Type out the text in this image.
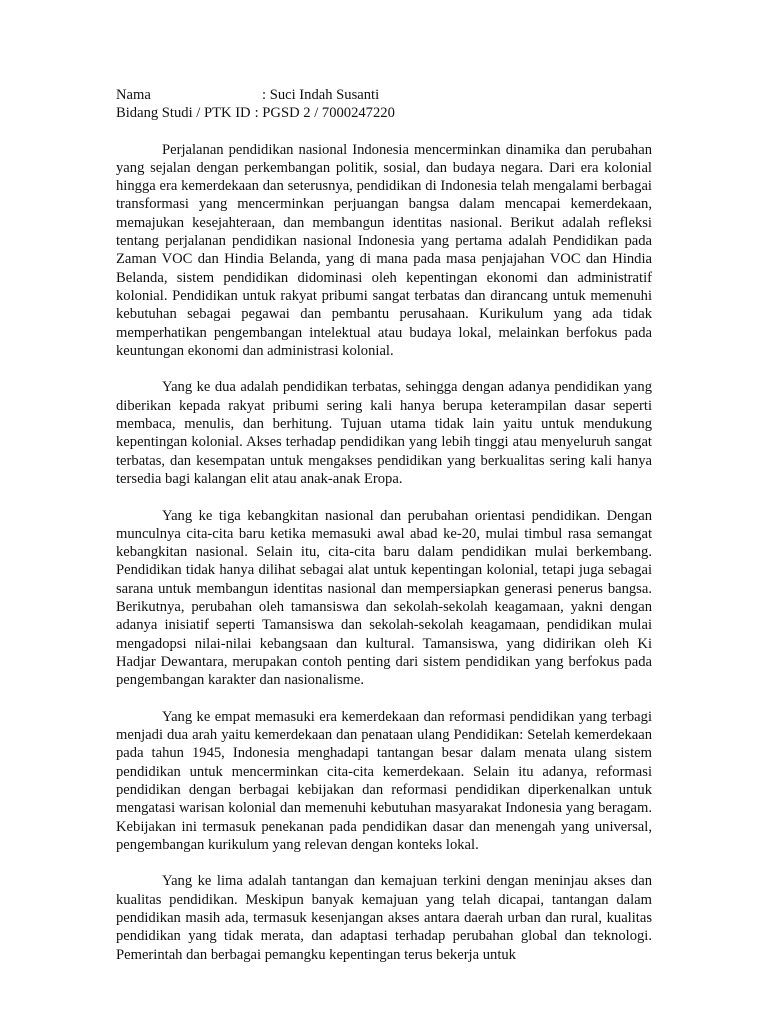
Nama	: Suci Indah Susanti
Bidang Studi / PTK ID : PGSD 2 / 7000247220

Perjalanan pendidikan nasional Indonesia mencerminkan dinamika dan perubahan yang sejalan dengan perkembangan politik, sosial, dan budaya negara. Dari era kolonial hingga era kemerdekaan dan seterusnya, pendidikan di Indonesia telah mengalami berbagai transformasi yang mencerminkan perjuangan bangsa dalam mencapai kemerdekaan, memajukan kesejahteraan, dan membangun identitas nasional. Berikut adalah refleksi tentang perjalanan pendidikan nasional Indonesia yang pertama adalah Pendidikan pada Zaman VOC dan Hindia Belanda, yang di mana pada masa penjajahan VOC dan Hindia Belanda, sistem pendidikan didominasi oleh kepentingan ekonomi dan administratif kolonial. Pendidikan untuk rakyat pribumi sangat terbatas dan dirancang untuk memenuhi kebutuhan sebagai pegawai dan pembantu perusahaan. Kurikulum yang ada tidak memperhatikan pengembangan intelektual atau budaya lokal, melainkan berfokus pada keuntungan ekonomi dan administrasi kolonial.

Yang ke dua adalah pendidikan terbatas, sehingga dengan adanya pendidikan yang diberikan kepada rakyat pribumi sering kali hanya berupa keterampilan dasar seperti membaca, menulis, dan berhitung. Tujuan utama tidak lain yaitu untuk mendukung kepentingan kolonial. Akses terhadap pendidikan yang lebih tinggi atau menyeluruh sangat terbatas, dan kesempatan untuk mengakses pendidikan yang berkualitas sering kali hanya tersedia bagi kalangan elit atau anak-anak Eropa.

Yang ke tiga kebangkitan nasional dan perubahan orientasi pendidikan. Dengan munculnya cita-cita baru ketika memasuki awal abad ke-20, mulai timbul rasa semangat kebangkitan nasional. Selain itu, cita-cita baru dalam pendidikan mulai berkembang. Pendidikan tidak hanya dilihat sebagai alat untuk kepentingan kolonial, tetapi juga sebagai sarana untuk membangun identitas nasional dan mempersiapkan generasi penerus bangsa. Berikutnya, perubahan oleh tamansiswa dan sekolah-sekolah keagamaan, yakni dengan adanya inisiatif seperti Tamansiswa dan sekolah-sekolah keagamaan, pendidikan mulai mengadopsi nilai-nilai kebangsaan dan kultural. Tamansiswa, yang didirikan oleh Ki Hadjar Dewantara, merupakan contoh penting dari sistem pendidikan yang berfokus pada pengembangan karakter dan nasionalisme.

Yang ke empat memasuki era kemerdekaan dan reformasi pendidikan yang terbagi menjadi dua arah yaitu kemerdekaan dan penataan ulang Pendidikan: Setelah kemerdekaan pada tahun 1945, Indonesia menghadapi tantangan besar dalam menata ulang sistem pendidikan untuk mencerminkan cita-cita kemerdekaan. Selain itu adanya, reformasi pendidikan dengan berbagai kebijakan dan reformasi pendidikan diperkenalkan untuk mengatasi warisan kolonial dan memenuhi kebutuhan masyarakat Indonesia yang beragam. Kebijakan ini termasuk penekanan pada pendidikan dasar dan menengah yang universal, pengembangan kurikulum yang relevan dengan konteks lokal.

Yang ke lima adalah tantangan dan kemajuan terkini dengan meninjau akses dan kualitas pendidikan. Meskipun banyak kemajuan yang telah dicapai, tantangan dalam pendidikan masih ada, termasuk kesenjangan akses antara daerah urban dan rural, kualitas pendidikan yang tidak merata, dan adaptasi terhadap perubahan global dan teknologi. Pemerintah dan berbagai pemangku kepentingan terus bekerja untuk
